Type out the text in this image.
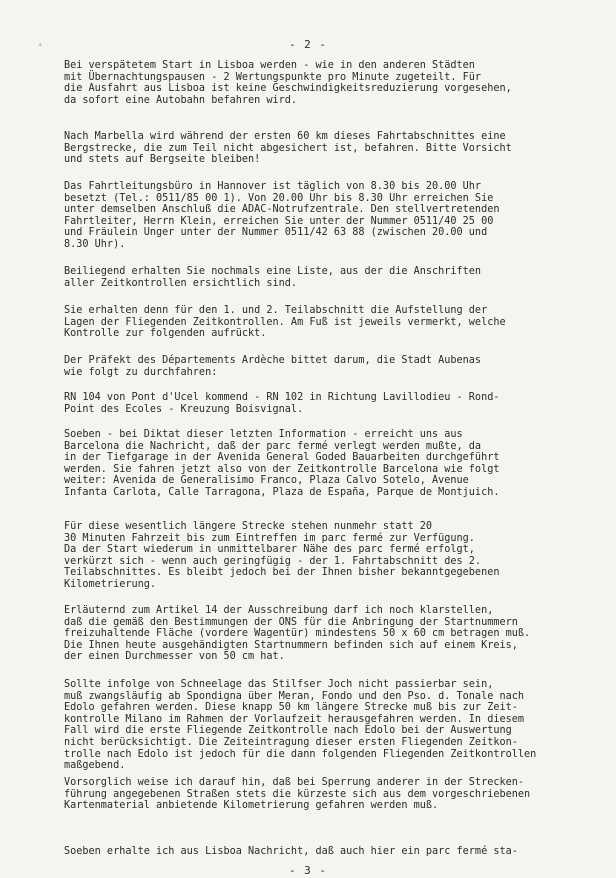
*	- 2 -
Bei verspätetem Start in Lisboa werden - wie in den anderen Städten
mit Übernachtungspausen - 2 Wertungspunkte pro Minute zugeteilt. Für
die Ausfahrt aus Lisboa ist keine Geschwindigkeitsreduzierung vorgesehen,
da sofort eine Autobahn befahren wird.
Nach Marbella wird während der ersten 60 km dieses Fahrtabschnittes eine
Bergstrecke, die zum Teil nicht abgesichert ist, befahren. Bitte Vorsicht
und stets auf Bergseite bleiben!
Das Fahrtleitungsbüro in Hannover ist täglich von 8.30 bis 20.00 Uhr
besetzt (Tel.: 0511/85 00 1). Von 20.00 Uhr bis 8.30 Uhr erreichen Sie
unter demselben Anschluß die ADAC-Notrufzentrale. Den stellvertretenden
Fahrtleiter, Herrn Klein, erreichen Sie unter der Nummer 0511/40 25 00
und Fräulein Unger unter der Nummer 0511/42 63 88 (zwischen 20.00 und
8.30 Uhr).
Beiliegend erhalten Sie nochmals eine Liste, aus der die Anschriften
aller Zeitkontrollen ersichtlich sind.
Sie erhalten denn für den 1. und 2. Teilabschnitt die Aufstellung der
Lagen der Fliegenden Zeitkontrollen. Am Fuß ist jeweils vermerkt, welche
Kontrolle zur folgenden aufrückt.
Der Präfekt des Départements Ardèche bittet darum, die Stadt Aubenas
wie folgt zu durchfahren:
RN 104 von Pont d'Ucel kommend - RN 102 in Richtung Lavillodieu - Rond-
Point des Ecoles - Kreuzung Boisvignal.
Soeben - bei Diktat dieser letzten Information - erreicht uns aus
Barcelona die Nachricht, daß der parc fermé verlegt werden mußte, da
in der Tiefgarage in der Avenida General Goded Bauarbeiten durchgeführt
werden. Sie fahren jetzt also von der Zeitkontrolle Barcelona wie folgt
weiter: Avenida de Generalisimo Franco, Plaza Calvo Sotelo, Avenue
Infanta Carlota, Calle Tarragona, Plaza de España, Parque de Montjuich.
Für diese wesentlich längere Strecke stehen nunmehr statt 20
30 Minuten Fahrzeit bis zum Eintreffen im parc fermé zur Verfügung.
Da der Start wiederum in unmittelbarer Nähe des parc fermé erfolgt,
verkürzt sich - wenn auch geringfügig - der 1. Fahrtabschnitt des 2.
Teilabschnittes. Es bleibt jedoch bei der Ihnen bisher bekanntgegebenen
Kilometrierung.
Erläuternd zum Artikel 14 der Ausschreibung darf ich noch klarstellen,
daß die gemäß den Bestimmungen der ONS für die Anbringung der Startnummern
freizuhaltende Fläche (vordere Wagentür) mindestens 50 x 60 cm betragen muß.
Die Ihnen heute ausgehändigten Startnummern befinden sich auf einem Kreis,
der einen Durchmesser von 50 cm hat.
Sollte infolge von Schneelage das Stilfser Joch nicht passierbar sein,
muß zwangsläufig ab Spondigna über Meran, Fondo und den Pso. d. Tonale nach
Edolo gefahren werden. Diese knapp 50 km längere Strecke muß bis zur Zeit-
kontrolle Milano im Rahmen der Vorlaufzeit herausgefahren werden. In diesem
Fall wird die erste Fliegende Zeitkontrolle nach Edolo bei der Auswertung
nicht berücksichtigt. Die Zeiteintragung dieser ersten Fliegenden Zeitkon-
trolle nach Edolo ist jedoch für die dann folgenden Fliegenden Zeitkontrollen
maßgebend.
Vorsorglich weise ich darauf hin, daß bei Sperrung anderer in der Strecken-
führung angegebenen Straßen stets die kürzeste sich aus dem vorgeschriebenen
Kartenmaterial anbietende Kilometrierung gefahren werden muß.
Soeben erhalte ich aus Lisboa Nachricht, daß auch hier ein parc fermé sta-
- 3 -
